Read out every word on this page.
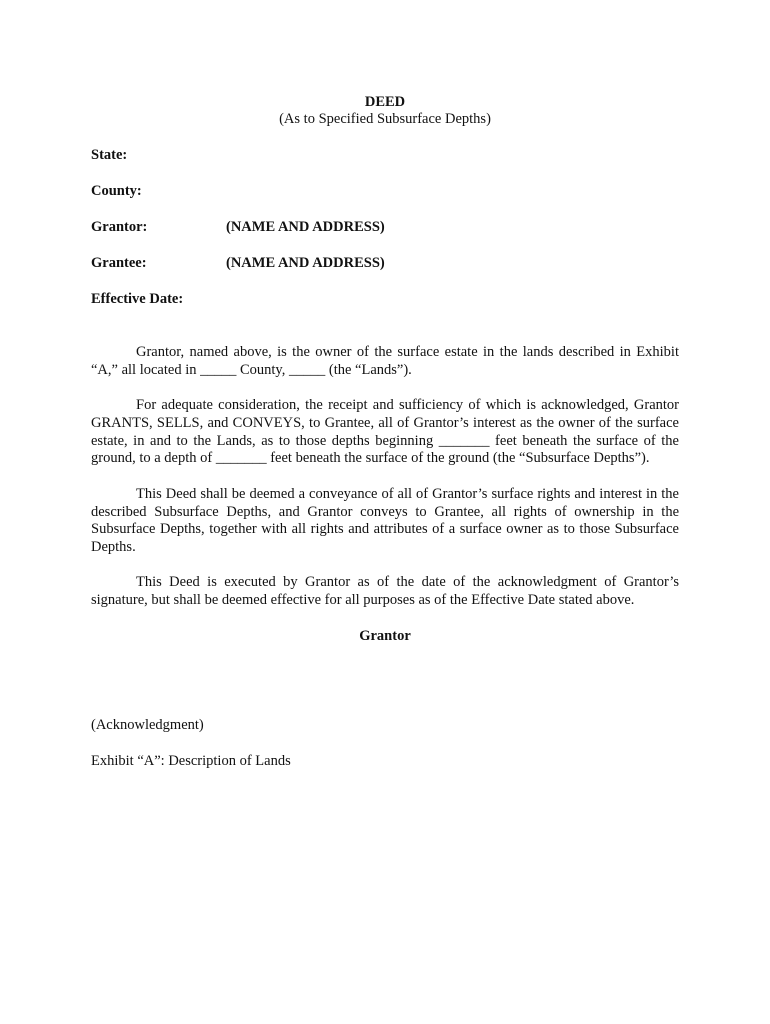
DEED

(As to Specified Subsurface Depths)

State:
County:
Grantor:	(NAME AND ADDRESS)
Grantee:	(NAME AND ADDRESS)
Effective Date:

Grantor, named above, is the owner of the surface estate in the lands described in Exhibit “A,” all located in _____ County, _____ (the “Lands”).

For adequate consideration, the receipt and sufficiency of which is acknowledged, Grantor GRANTS, SELLS, and CONVEYS, to Grantee, all of Grantor’s interest as the owner of the surface estate, in and to the Lands, as to those depths beginning _______ feet beneath the surface of the ground, to a depth of _______ feet beneath the surface of the ground (the “Subsurface Depths”).

This Deed shall be deemed a conveyance of all of Grantor’s surface rights and interest in the described Subsurface Depths, and Grantor conveys to Grantee, all rights of ownership in the Subsurface Depths, together with all rights and attributes of a surface owner as to those Subsurface Depths.

This Deed is executed by Grantor as of the date of the acknowledgment of Grantor’s signature, but shall be deemed effective for all purposes as of the Effective Date stated above.

Grantor

(Acknowledgment)

Exhibit “A”: Description of Lands
